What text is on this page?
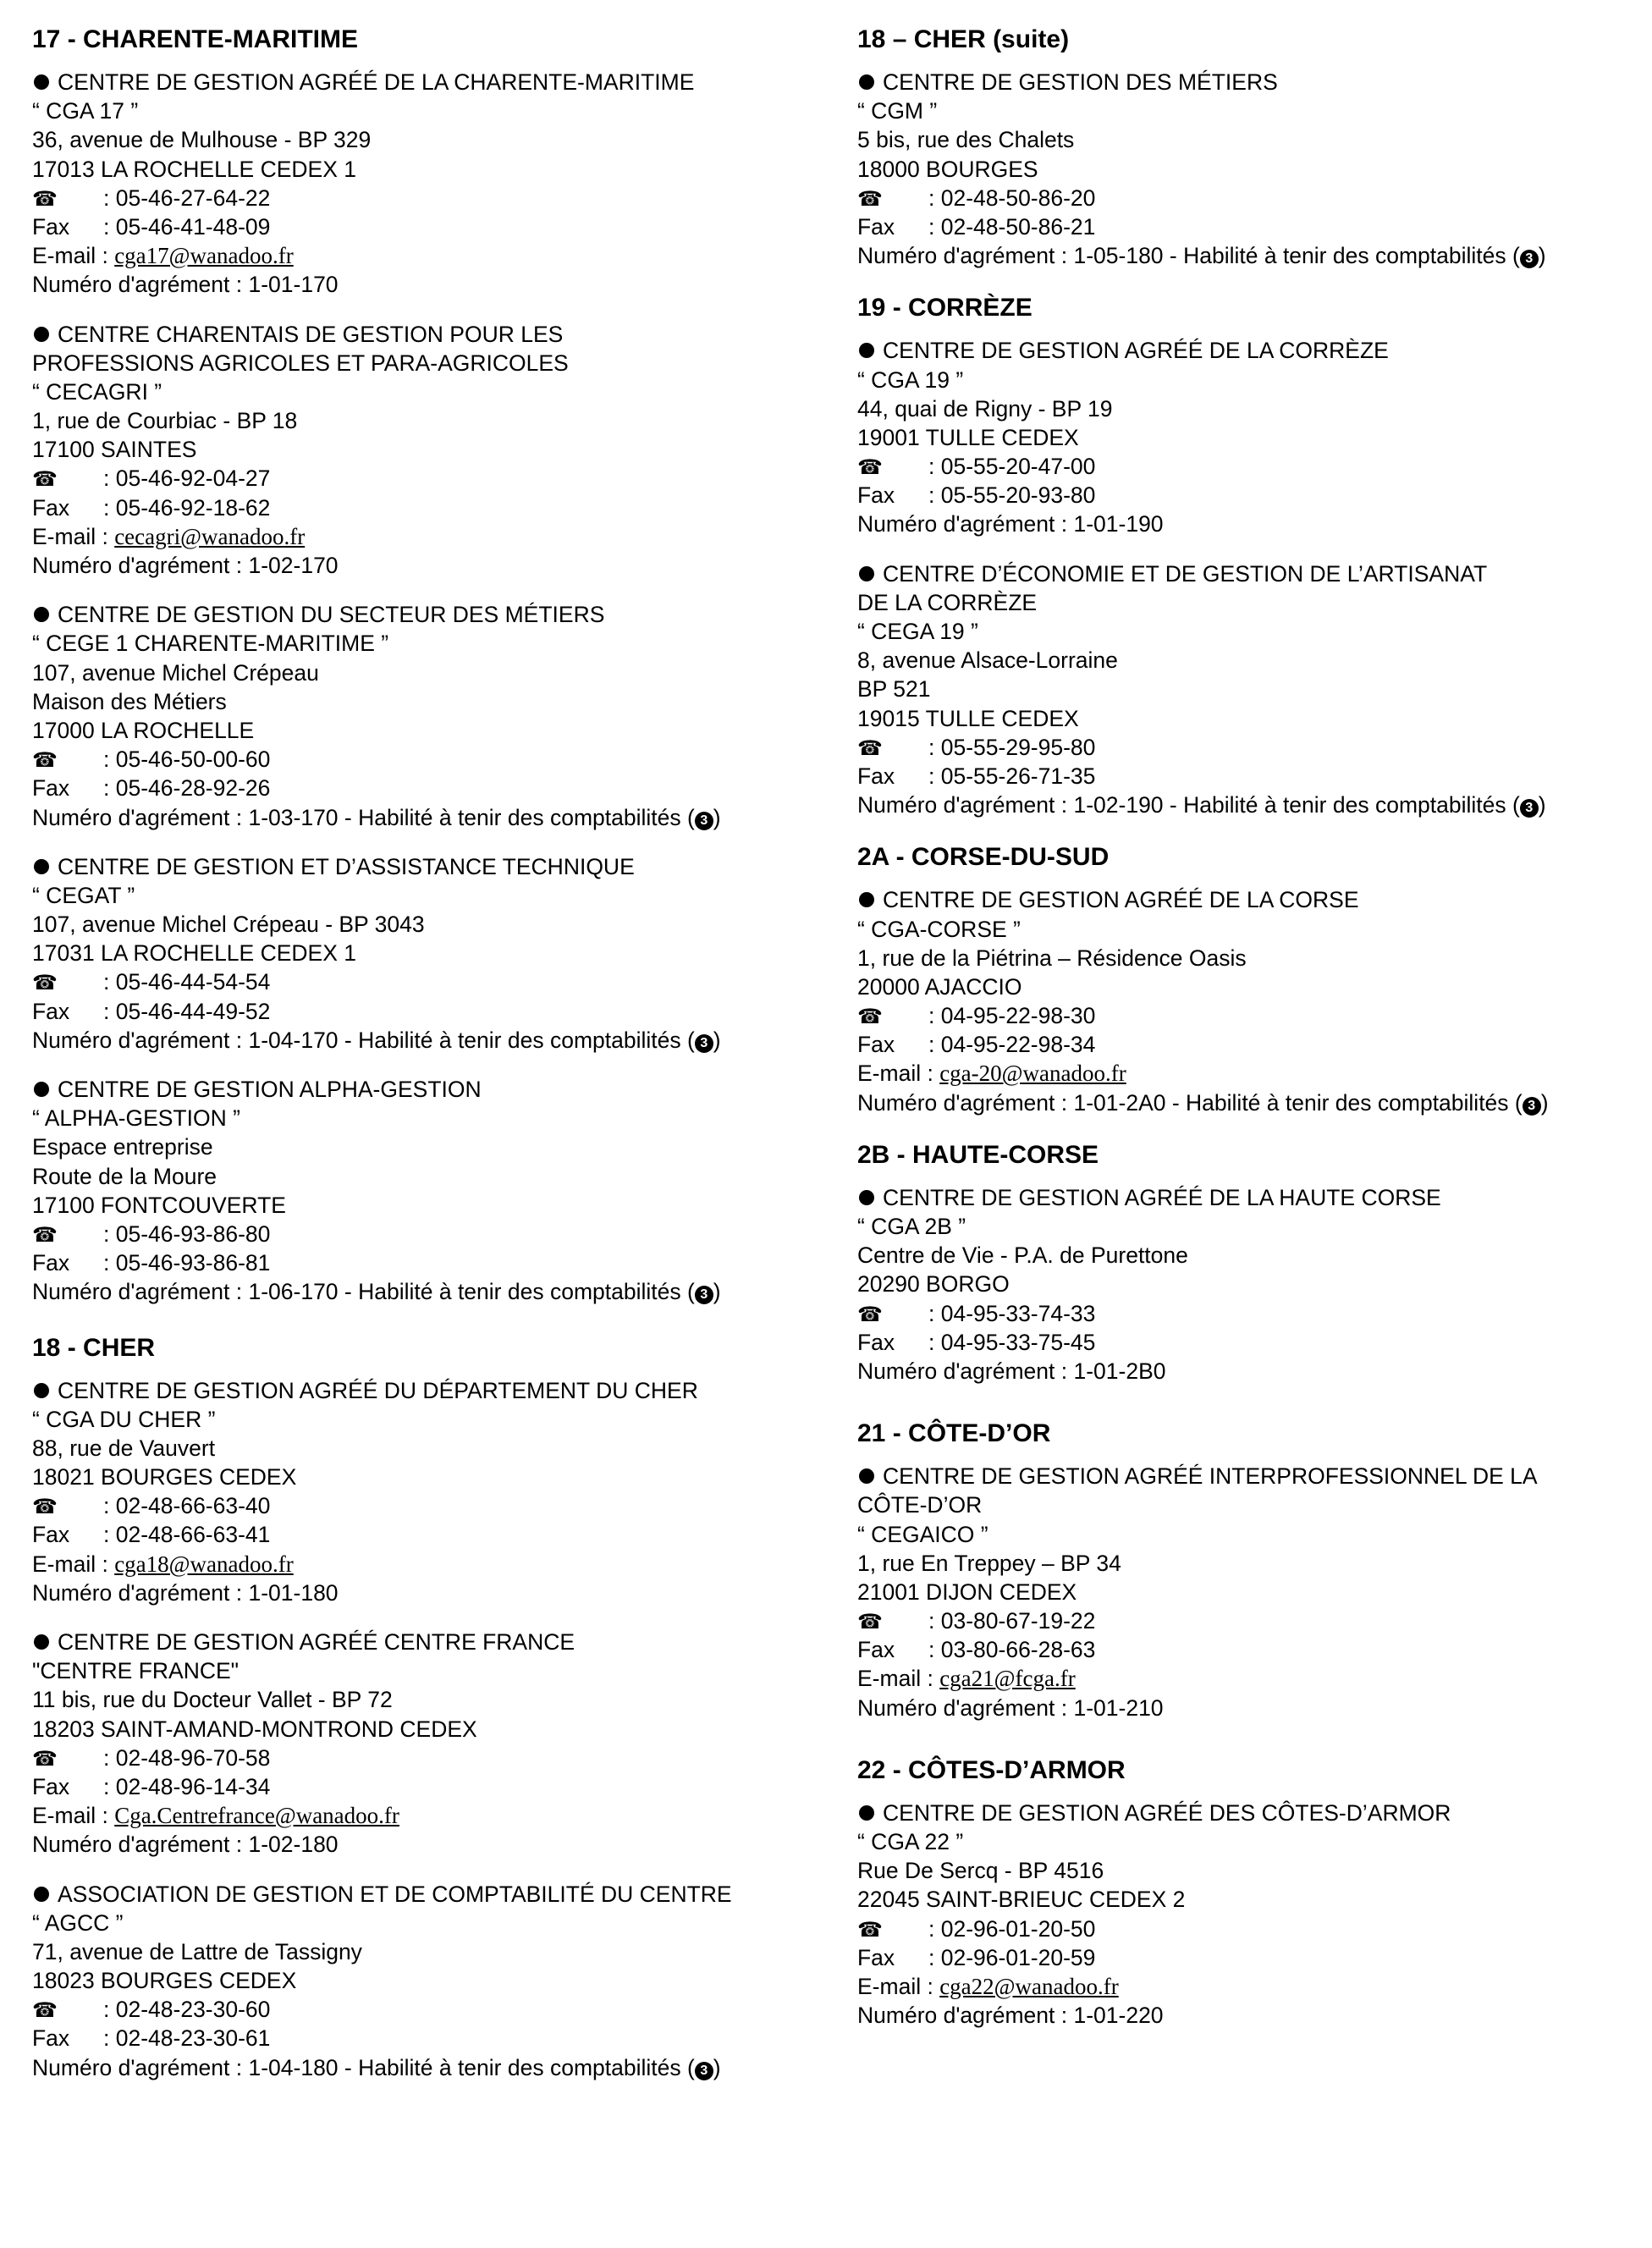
17 - CHARENTE-MARITIME
CENTRE DE GESTION AGRÉÉ DE LA CHARENTE-MARITIME
“ CGA 17 ”
36, avenue de Mulhouse - BP 329
17013 LA ROCHELLE CEDEX 1
☎ : 05-46-27-64-22
Fax : 05-46-41-48-09
E-mail : cga17@wanadoo.fr
Numéro d'agrément : 1-01-170
CENTRE CHARENTAIS DE GESTION POUR LES
PROFESSIONS AGRICOLES ET PARA-AGRICOLES
“ CECAGRI ”
1, rue de Courbiac - BP 18
17100 SAINTES
☎ : 05-46-92-04-27
Fax : 05-46-92-18-62
E-mail : cecagri@wanadoo.fr
Numéro d'agrément : 1-02-170
CENTRE DE GESTION DU SECTEUR DES MÉTIERS
“ CEGE 1 CHARENTE-MARITIME ”
107, avenue Michel Crépeau
Maison des Métiers
17000 LA ROCHELLE
☎ : 05-46-50-00-60
Fax : 05-46-28-92-26
Numéro d'agrément : 1-03-170 - Habilité à tenir des comptabilités ( 3 )
CENTRE DE GESTION ET D’ASSISTANCE TECHNIQUE
“ CEGAT ”
107, avenue Michel Crépeau - BP 3043
17031 LA ROCHELLE CEDEX 1
☎ : 05-46-44-54-54
Fax : 05-46-44-49-52
Numéro d'agrément : 1-04-170 - Habilité à tenir des comptabilités ( 3 )
CENTRE DE GESTION ALPHA-GESTION
“ ALPHA-GESTION ”
Espace entreprise
Route de la Moure
17100 FONTCOUVERTE
☎ : 05-46-93-86-80
Fax : 05-46-93-86-81
Numéro d'agrément : 1-06-170 - Habilité à tenir des comptabilités ( 3 )
18 - CHER
CENTRE DE GESTION AGRÉÉ DU DÉPARTEMENT DU CHER
“ CGA DU CHER ”
88, rue de Vauvert
18021 BOURGES CEDEX
☎ : 02-48-66-63-40
Fax : 02-48-66-63-41
E-mail : cga18@wanadoo.fr
Numéro d'agrément : 1-01-180
CENTRE DE GESTION AGRÉÉ CENTRE FRANCE
"CENTRE FRANCE"
11 bis, rue du Docteur Vallet - BP 72
18203 SAINT-AMAND-MONTROND CEDEX
☎ : 02-48-96-70-58
Fax : 02-48-96-14-34
E-mail : Cga.Centrefrance@wanadoo.fr
Numéro d'agrément : 1-02-180
ASSOCIATION DE GESTION ET DE COMPTABILITÉ DU CENTRE
“ AGCC ”
71, avenue de Lattre de Tassigny
18023 BOURGES CEDEX
☎ : 02-48-23-30-60
Fax : 02-48-23-30-61
Numéro d'agrément : 1-04-180 - Habilité à tenir des comptabilités ( 3 )
18 – CHER (suite)
CENTRE DE GESTION DES MÉTIERS
“ CGM ”
5 bis, rue des Chalets
18000 BOURGES
☎ : 02-48-50-86-20
Fax : 02-48-50-86-21
Numéro d'agrément : 1-05-180 - Habilité à tenir des comptabilités ( 3 )
19 - CORRÈZE
CENTRE DE GESTION AGRÉÉ DE LA CORRÈZE
“ CGA 19 ”
44, quai de Rigny - BP 19
19001 TULLE CEDEX
☎ : 05-55-20-47-00
Fax : 05-55-20-93-80
Numéro d'agrément : 1-01-190
CENTRE D’ÉCONOMIE ET DE GESTION DE L’ARTISANAT
DE LA CORRÈZE
“ CEGA 19 ”
8, avenue Alsace-Lorraine
BP 521
19015 TULLE CEDEX
☎ : 05-55-29-95-80
Fax : 05-55-26-71-35
Numéro d'agrément : 1-02-190 - Habilité à tenir des comptabilités ( 3 )
2A - CORSE-DU-SUD
CENTRE DE GESTION AGRÉÉ DE LA CORSE
“ CGA-CORSE ”
1, rue de la Piétrina – Résidence Oasis
20000 AJACCIO
☎ : 04-95-22-98-30
Fax : 04-95-22-98-34
E-mail : cga-20@wanadoo.fr
Numéro d'agrément : 1-01-2A0 - Habilité à tenir des comptabilités ( 3 )
2B - HAUTE-CORSE
CENTRE DE GESTION AGRÉÉ DE LA HAUTE CORSE
“ CGA 2B ”
Centre de Vie - P.A. de Purettone
20290 BORGO
☎ : 04-95-33-74-33
Fax : 04-95-33-75-45
Numéro d'agrément : 1-01-2B0
21 - CÔTE-D’OR
CENTRE DE GESTION AGRÉÉ INTERPROFESSIONNEL DE LA
CÔTE-D’OR
“ CEGAICO ”
1, rue En Treppey – BP 34
21001 DIJON CEDEX
☎ : 03-80-67-19-22
Fax : 03-80-66-28-63
E-mail : cga21@fcga.fr
Numéro d'agrément : 1-01-210
22 - CÔTES-D’ARMOR
CENTRE DE GESTION AGRÉÉ DES CÔTES-D’ARMOR
“ CGA 22 ”
Rue De Sercq - BP 4516
22045 SAINT-BRIEUC CEDEX 2
☎ : 02-96-01-20-50
Fax : 02-96-01-20-59
E-mail : cga22@wanadoo.fr
Numéro d'agrément : 1-01-220
